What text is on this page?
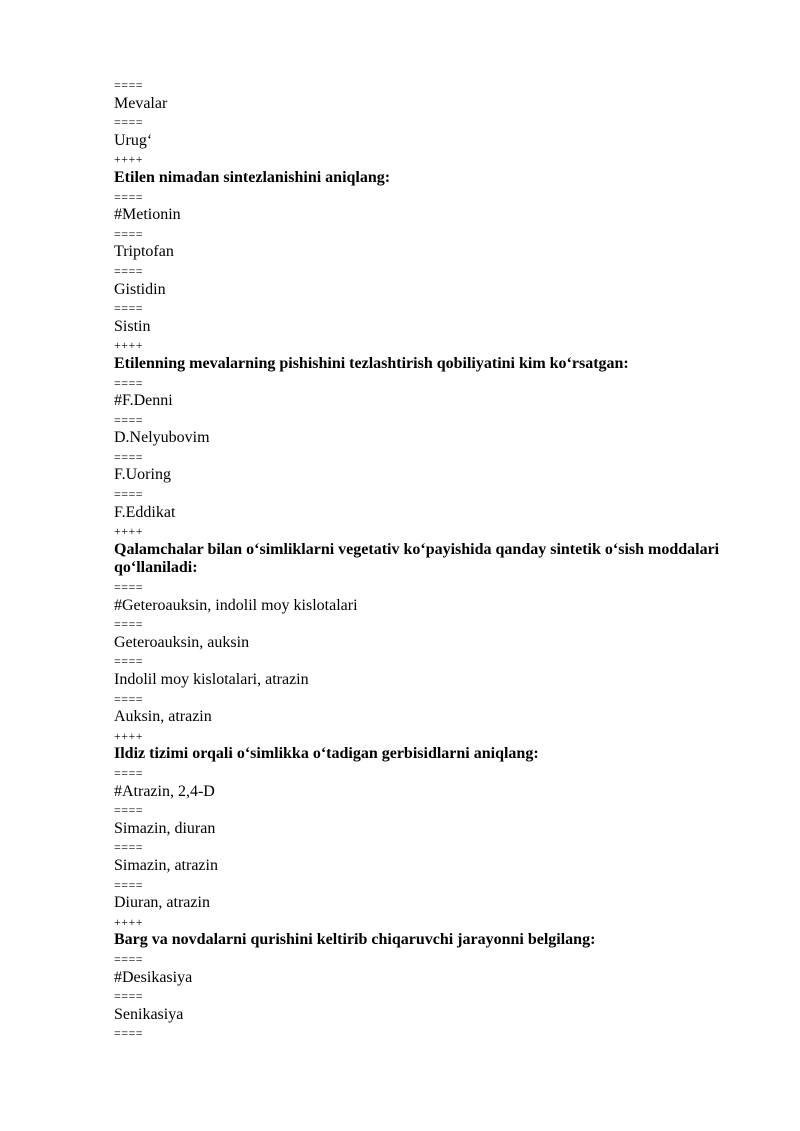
====
Mevalar
====
Urug‘
++++
Etilen nimadan sintezlanishini aniqlang:
====
#Metionin
====
Triptofan
====
Gistidin
====
Sistin
++++
Etilenning mevalarning pishishini tezlashtirish qobiliyatini kim ko‘rsatgan:
====
#F.Denni
====
D.Nelyubovim
====
F.Uoring
====
F.Eddikat
++++
Qalamchalar bilan o‘simliklarni vegetativ ko‘payishida qanday sintetik o‘sish moddalari qo‘llaniladi:
====
#Geteroauksin, indolil moy kislotalari
====
Geteroauksin, auksin
====
Indolil moy kislotalari, atrazin
====
Auksin, atrazin
++++
Ildiz tizimi orqali o‘simlikka o‘tadigan gerbisidlarni aniqlang:
====
#Atrazin, 2,4-D
====
Simazin, diuran
====
Simazin, atrazin
====
Diuran, atrazin
++++
Barg va novdalarni qurishini keltirib chiqaruvchi jarayonni belgilang:
====
#Desikasiya
====
Senikasiya
====
